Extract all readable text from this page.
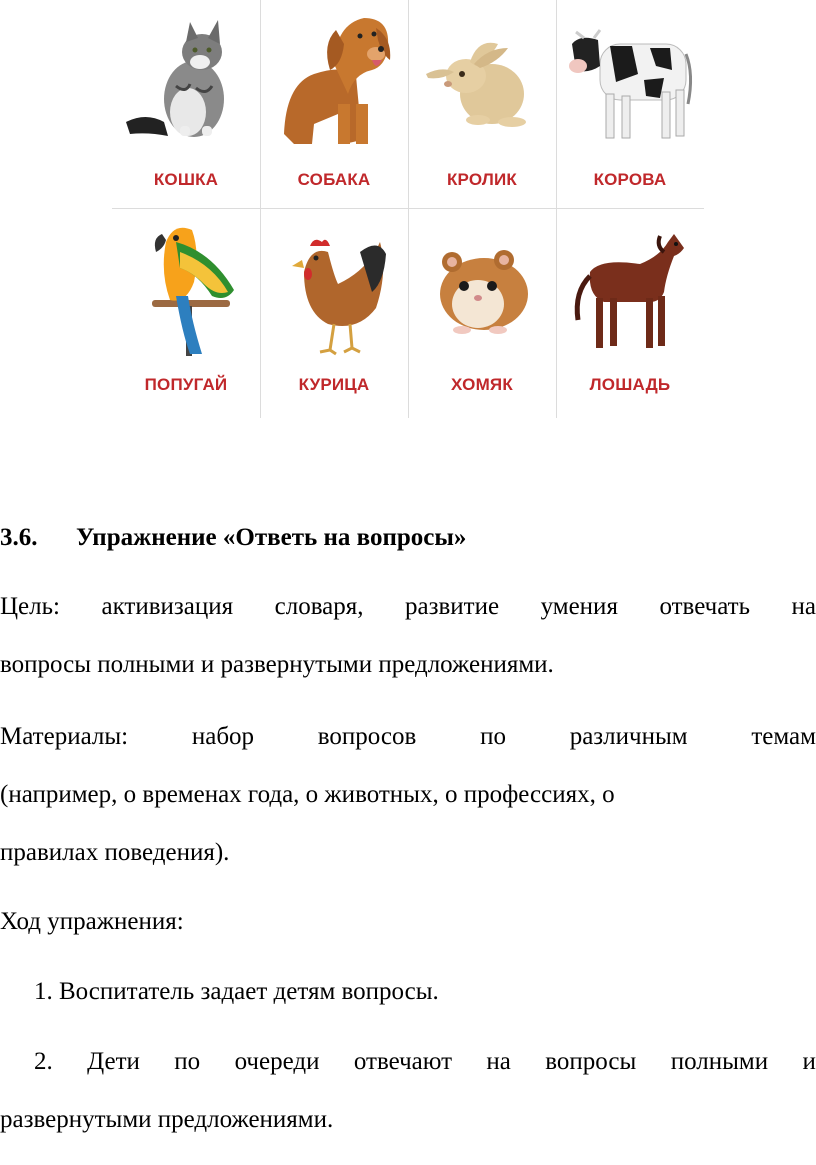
КОШКА	СОБАКА	КРОЛИК	КОРОВА
ПОПУГАЙ	КУРИЦА	ХОМЯК	ЛОШАДЬ
3.6. Упражнение «Ответь на вопросы»
Цель: активизация словаря, развитие умения отвечать на
вопросы полными и развернутыми предложениями.
Материалы:	набор	вопросов	по	различным	темам
(например, о временах года, о животных, о профессиях, о
правилах поведения).
Ход упражнения:
1. Воспитатель задает детям вопросы.
2. Дети по очереди отвечают на вопросы полными и
развернутыми предложениями.
